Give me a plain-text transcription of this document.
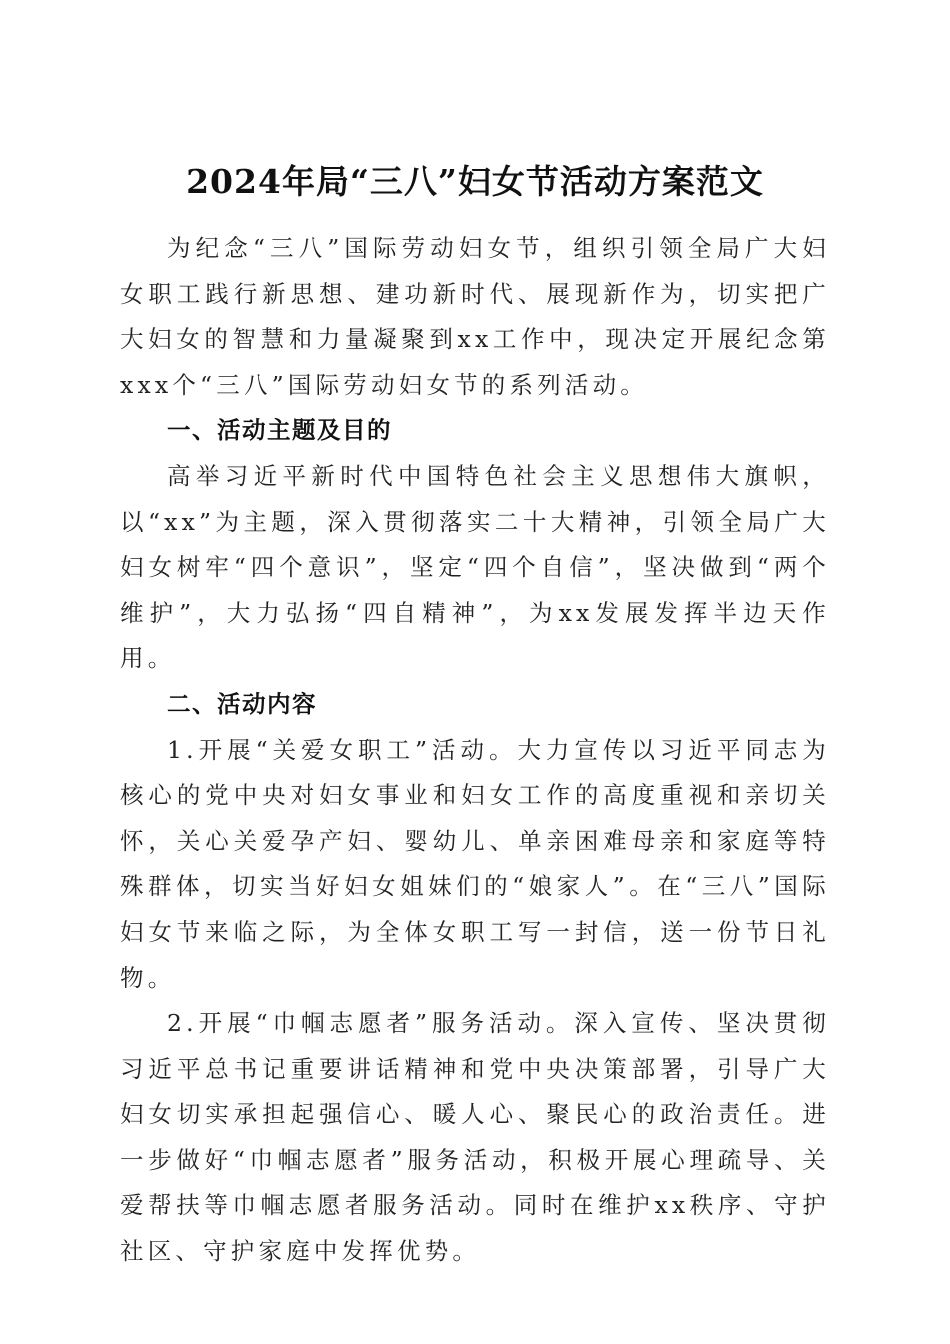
2024年局“三八”妇女节活动方案范文

为纪念“三八”国际劳动妇女节，组织引领全局广大妇女职工践行新思想、建功新时代、展现新作为，切实把广大妇女的智慧和力量凝聚到xx工作中，现决定开展纪念第xxx个“三八”国际劳动妇女节的系列活动。

一、活动主题及目的

高举习近平新时代中国特色社会主义思想伟大旗帜，以“xx”为主题，深入贯彻落实二十大精神，引领全局广大妇女树牢“四个意识”，坚定“四个自信”，坚决做到“两个维护”，大力弘扬“四自精神”，为xx发展发挥半边天作用。

二、活动内容

1.开展“关爱女职工”活动。大力宣传以习近平同志为核心的党中央对妇女事业和妇女工作的高度重视和亲切关怀，关心关爱孕产妇、婴幼儿、单亲困难母亲和家庭等特殊群体，切实当好妇女姐妹们的“娘家人”。在“三八”国际妇女节来临之际，为全体女职工写一封信，送一份节日礼物。

2.开展“巾帼志愿者”服务活动。深入宣传、坚决贯彻习近平总书记重要讲话精神和党中央决策部署，引导广大妇女切实承担起强信心、暖人心、聚民心的政治责任。进一步做好“巾帼志愿者”服务活动，积极开展心理疏导、关爱帮扶等巾帼志愿者服务活动。同时在维护xx秩序、守护社区、守护家庭中发挥优势。
